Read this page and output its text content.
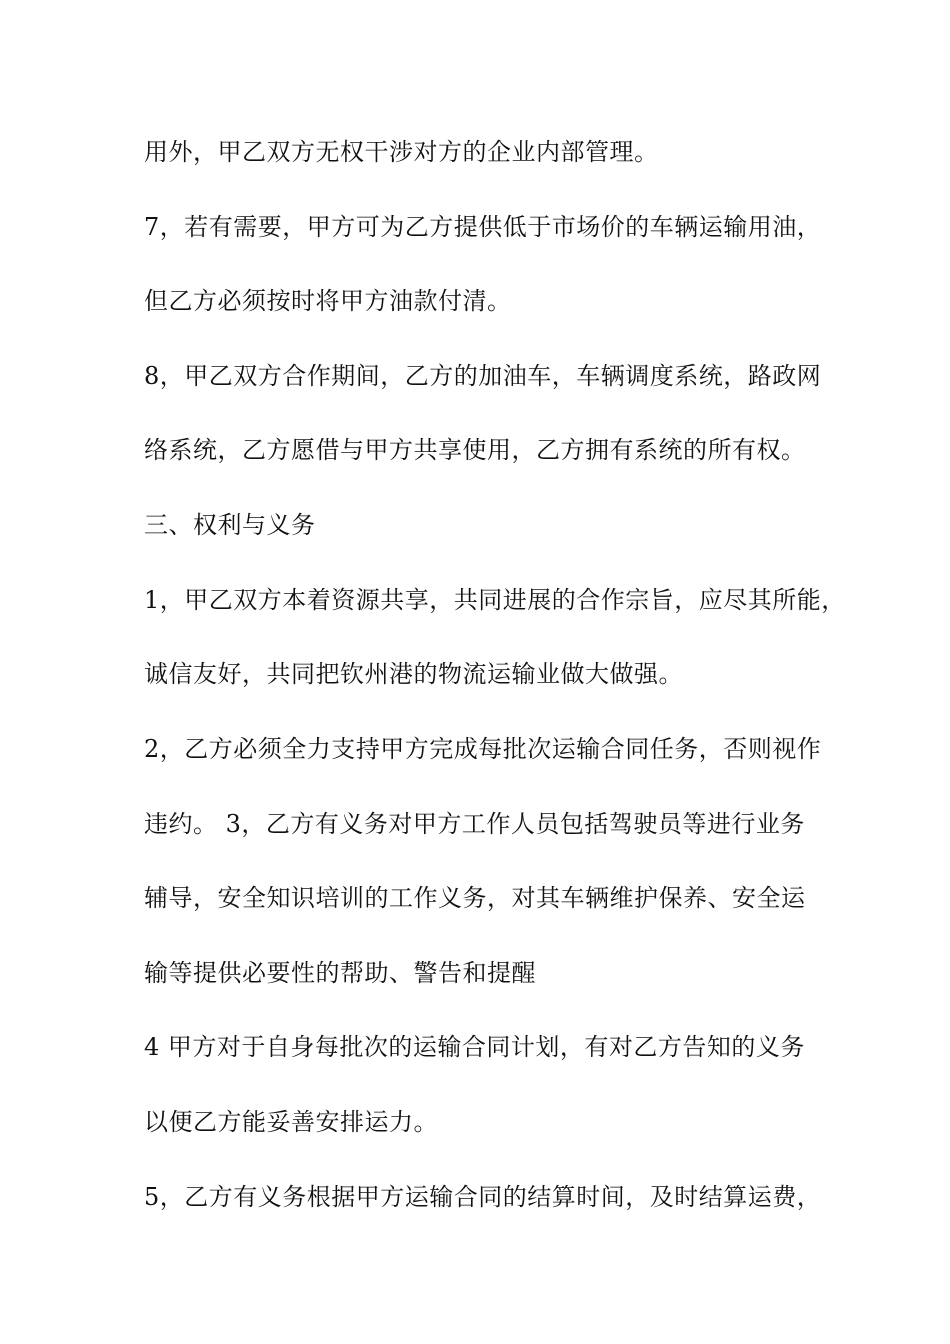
用外，甲乙双方无权干涉对方的企业内部管理。
7，若有需要，甲方可为乙方提供低于市场价的车辆运输用油，
但乙方必须按时将甲方油款付清。
8，甲乙双方合作期间，乙方的加油车，车辆调度系统，路政网
络系统，乙方愿借与甲方共享使用，乙方拥有系统的所有权。
三、权利与义务
1，甲乙双方本着资源共享，共同进展的合作宗旨，应尽其所能，
诚信友好，共同把钦州港的物流运输业做大做强。
2，乙方必须全力支持甲方完成每批次运输合同任务，否则视作
违约。 3，乙方有义务对甲方工作人员包括驾驶员等进行业务
辅导，安全知识培训的工作义务，对其车辆维护保养、安全运
输等提供必要性的帮助、警告和提醒
4 甲方对于自身每批次的运输合同计划，有对乙方告知的义务
以便乙方能妥善安排运力。
5，乙方有义务根据甲方运输合同的结算时间，及时结算运费，
